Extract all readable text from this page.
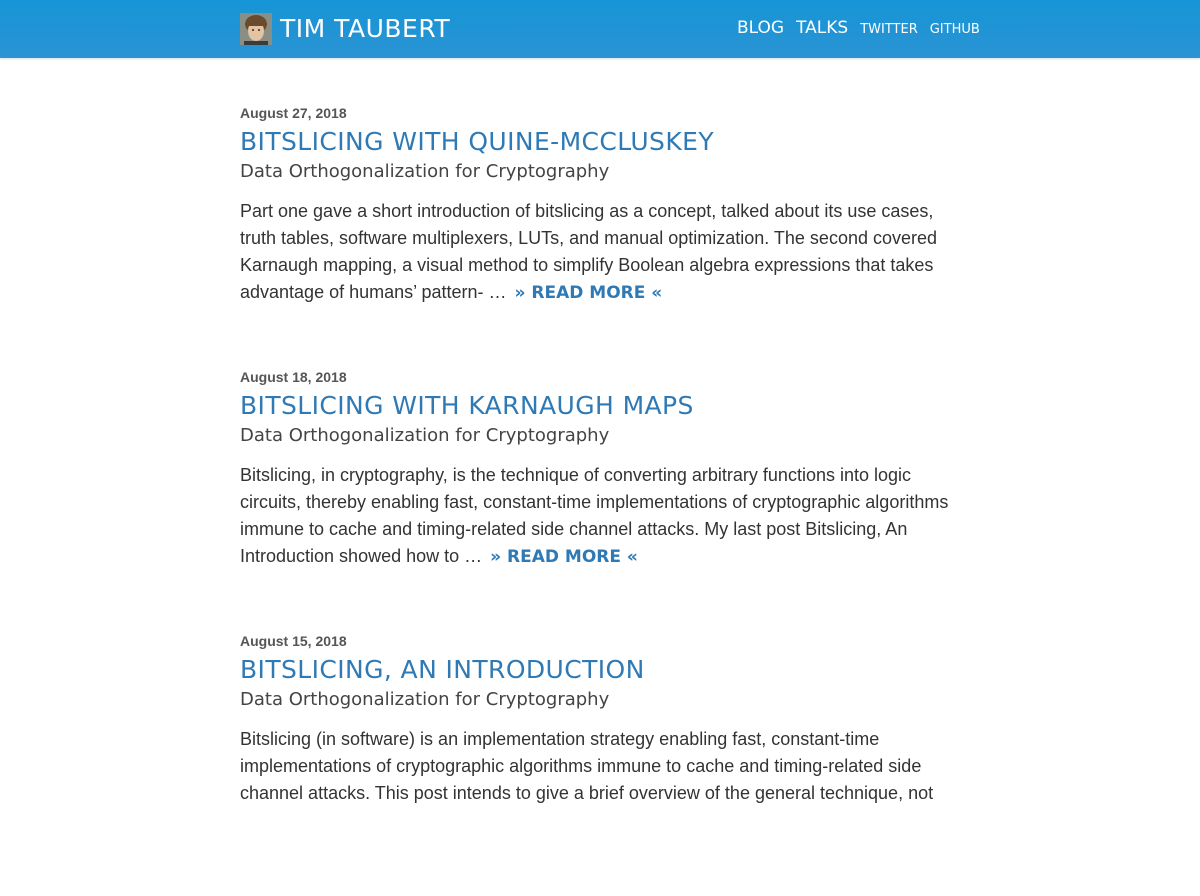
TIM TAUBERT	BLOG TALKS TWITTER GITHUB
August 27, 2018
BITSLICING WITH QUINE-MCCLUSKEY
Data Orthogonalization for Cryptography
Part one gave a short introduction of bitslicing as a concept, talked about its use cases, truth tables, software multiplexers, LUTs, and manual optimization. The second covered Karnaugh mapping, a visual method to simplify Boolean algebra expressions that takes advantage of humans’ pattern- … » READ MORE «
August 18, 2018
BITSLICING WITH KARNAUGH MAPS
Data Orthogonalization for Cryptography
Bitslicing, in cryptography, is the technique of converting arbitrary functions into logic circuits, thereby enabling fast, constant-time implementations of cryptographic algorithms immune to cache and timing-related side channel attacks. My last post Bitslicing, An Introduction showed how to … » READ MORE «
August 15, 2018
BITSLICING, AN INTRODUCTION
Data Orthogonalization for Cryptography
Bitslicing (in software) is an implementation strategy enabling fast, constant-time implementations of cryptographic algorithms immune to cache and timing-related side channel attacks. This post intends to give a brief overview of the general technique, not
